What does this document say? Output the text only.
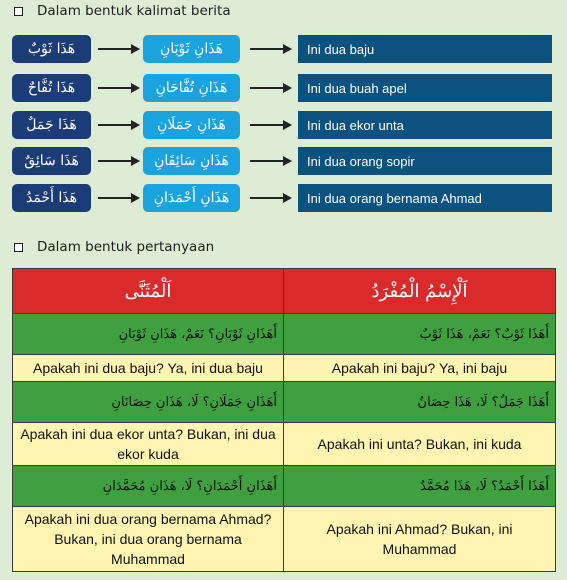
Dalam bentuk kalimat berita
هَذَا ثَوْبٌ	هَذَانِ ثَوْبَانِ	Ini dua baju
هَذَا تُفَّاحٌ	هَذَانِ تُفَّاحَانِ	Ini dua buah apel
هَذَا جَمَلٌ	هَذَانِ جَمَلَانِ	Ini dua ekor unta
هَذَا سَائِقٌ	هَذَانِ سَائِقَانِ	Ini dua orang sopir
هَذَا أَحْمَدُ	هَذَانِ أَحْمَدَانِ	Ini dua orang bernama Ahmad
Dalam bentuk pertanyaan
اَلْمُثَنَّى	اَلْإِسْمُ الْمُفْرَدُ
أَهَذَانِ ثَوْبَانِ؟ نَعَمْ، هَذَانِ ثَوْبَانِ	أَهَذَا ثَوْبٌ؟ نَعَمْ، هَذَا ثَوْبٌ
Apakah ini dua baju? Ya, ini dua baju	Apakah ini baju? Ya, ini baju
أَهَذَانِ جَمَلَانِ؟ لَا، هَذَانِ حِصَانَانِ	أَهَذَا جَمَلٌ؟ لَا، هَذَا حِصَانٌ
Apakah ini dua ekor unta? Bukan, ini dua ekor kuda	Apakah ini unta? Bukan, ini kuda
أَهَذَانِ أَحْمَدَانِ؟ لَا، هَذَانِ مُحَمَّدَانِ	أَهَذَا أَحْمَدُ؟ لَا، هَذَا مُحَمَّدٌ
Apakah ini dua orang bernama Ahmad? Bukan, ini dua orang bernama Muhammad	Apakah ini Ahmad? Bukan, ini Muhammad
